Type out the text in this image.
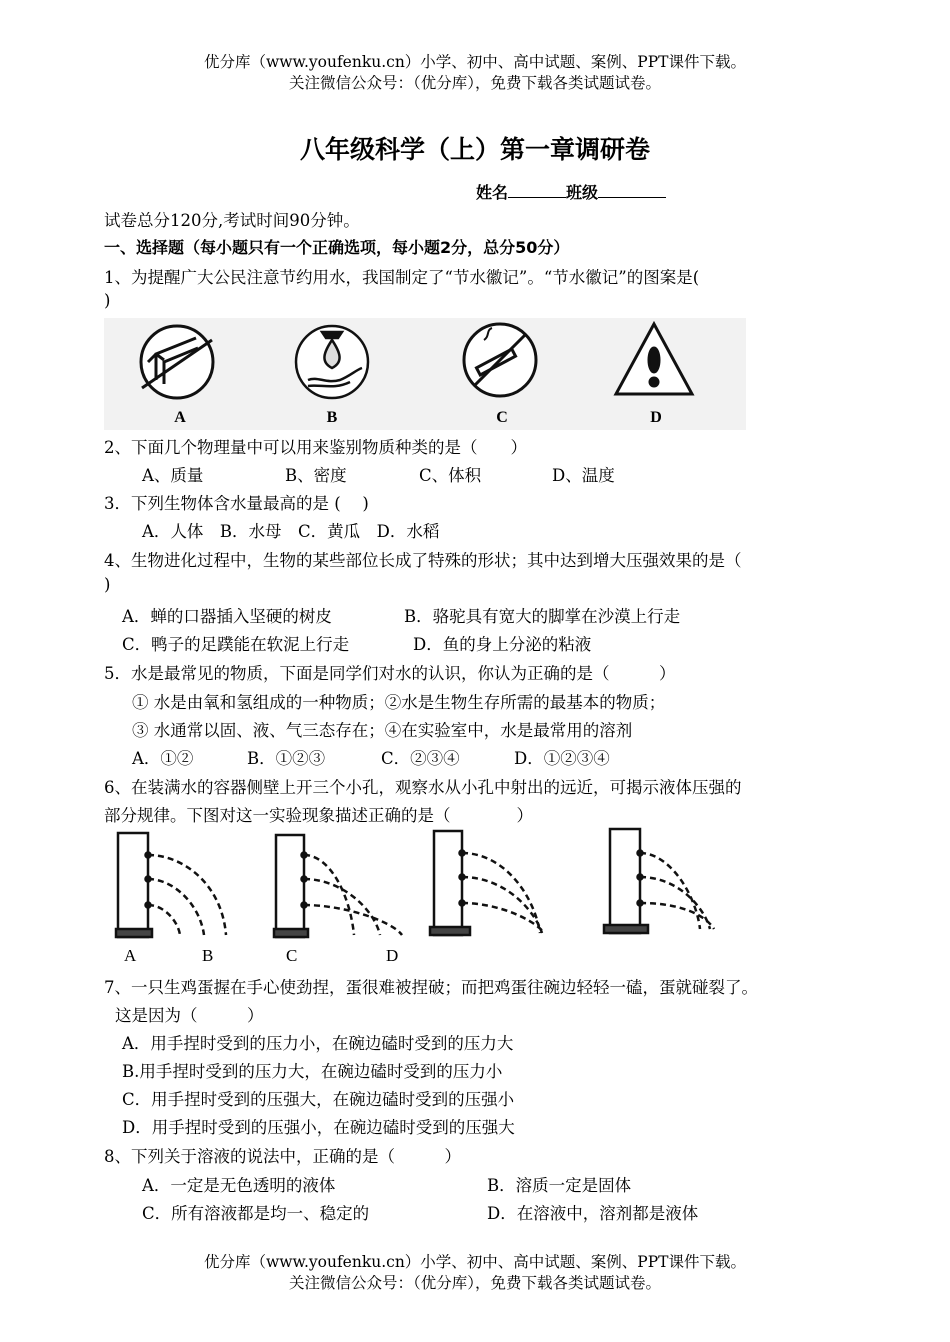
优分库（www.youfenku.cn）小学、初中、高中试题、案例、PPT课件下载。
关注微信公众号：（优分库），免费下载各类试题试卷。
八年级科学（上）第一章调研卷
姓名	班级
试卷总分120分,考试时间90分钟。
一、选择题（每小题只有一个正确选项，每小题2分，总分50分）
1、为提醒广大公民注意节约用水，我国制定了“节水徽记”。“节水徽记”的图案是(
)
A	B	C	D
2、下面几个物理量中可以用来鉴别物质种类的是（　　）
A、质量	B、密度	C、体积	D、温度
3．下列生物体含水量最高的是 (　 )
A．人体　B．水母　C．黄瓜　D．水稻
4、生物进化过程中，生物的某些部位长成了特殊的形状；其中达到增大压强效果的是（
)
A．蝉的口器插入坚硬的树皮	B．骆驼具有宽大的脚掌在沙漠上行走
C．鸭子的足蹼能在软泥上行走	D．鱼的身上分泌的粘液
5．水是最常见的物质，下面是同学们对水的认识，你认为正确的是（　　　）
① 水是由氧和氢组成的一种物质；②水是生物生存所需的最基本的物质；
③ 水通常以固、液、气三态存在；④在实验室中，水是最常用的溶剂
A．①②	B．①②③	C．②③④	D．①②③④
6、在装满水的容器侧壁上开三个小孔，观察水从小孔中射出的远近，可揭示液体压强的
部分规律。下图对这一实验现象描述正确的是（　　　　）
A	B	C	D
7、一只生鸡蛋握在手心使劲捏，蛋很难被捏破；而把鸡蛋往碗边轻轻一磕，蛋就碰裂了。
这是因为（　　　）
A．用手捏时受到的压力小，在碗边磕时受到的压力大
B.用手捏时受到的压力大，在碗边磕时受到的压力小
C．用手捏时受到的压强大，在碗边磕时受到的压强小
D．用手捏时受到的压强小，在碗边磕时受到的压强大
8、下列关于溶液的说法中，正确的是（　　　）
A．一定是无色透明的液体	B．溶质一定是固体
C．所有溶液都是均一、稳定的	D．在溶液中，溶剂都是液体
优分库（www.youfenku.cn）小学、初中、高中试题、案例、PPT课件下载。
关注微信公众号：（优分库），免费下载各类试题试卷。
